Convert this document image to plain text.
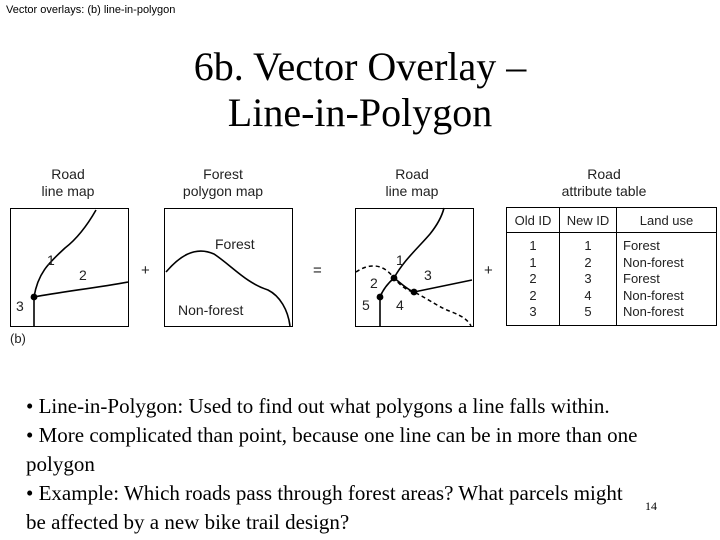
Vector overlays: (b) line-in-polygon
6b. Vector Overlay –
Line-in-Polygon
Road
line map
Forest
polygon map
Road
line map
Road
attribute table
1
2
3
Forest
Non-forest
1
2	3
4
5
+	=	+
(b)
Old ID	New ID	Land use
1	1	Forest
1	2	Non-forest
2	3	Forest
2	4	Non-forest
3	5	Non-forest
• Line-in-Polygon: Used to find out what polygons a line falls within.
• More complicated than point, because one line can be in more than one
polygon
• Example: Which roads pass through forest areas? What parcels might
be affected by a new bike trail design?
14
